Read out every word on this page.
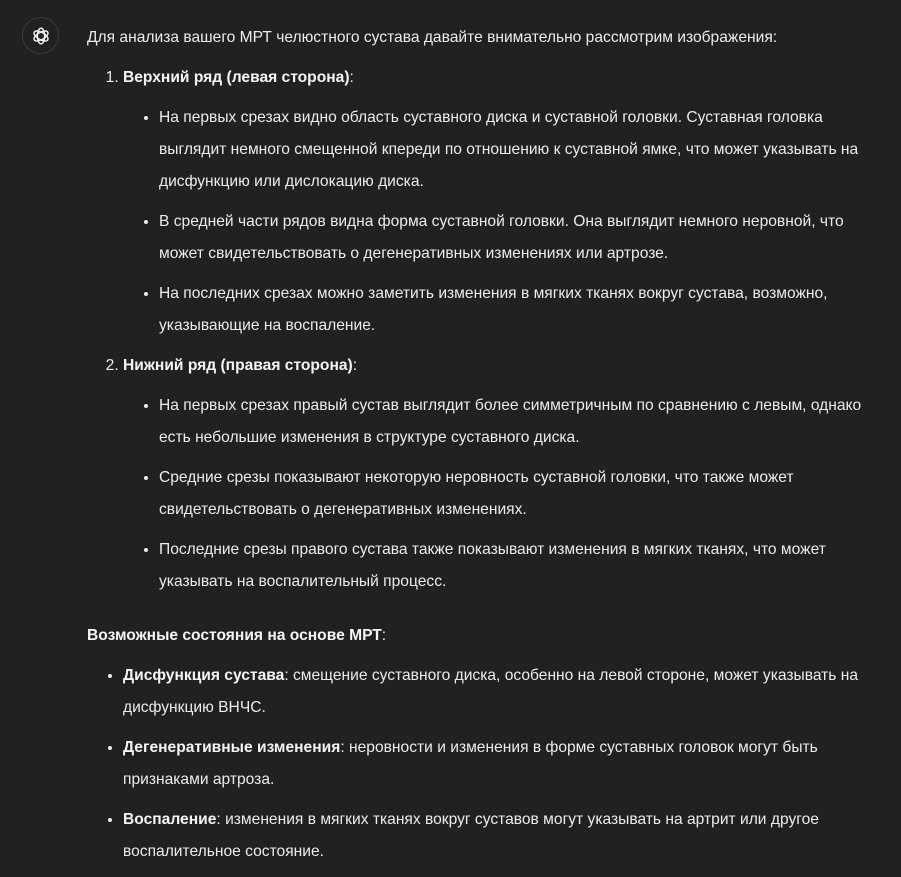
Для анализа вашего МРТ челюстного сустава давайте внимательно рассмотрим изображения:

1. Верхний ряд (левая сторона):
• На первых срезах видно область суставного диска и суставной головки. Суставная головка выглядит немного смещенной кпереди по отношению к суставной ямке, что может указывать на дисфункцию или дислокацию диска.
• В средней части рядов видна форма суставной головки. Она выглядит немного неровной, что может свидетельствовать о дегенеративных изменениях или артрозе.
• На последних срезах можно заметить изменения в мягких тканях вокруг сустава, возможно, указывающие на воспаление.
2. Нижний ряд (правая сторона):
• На первых срезах правый сустав выглядит более симметричным по сравнению с левым, однако есть небольшие изменения в структуре суставного диска.
• Средние срезы показывают некоторую неровность суставной головки, что также может свидетельствовать о дегенеративных изменениях.
• Последние срезы правого сустава также показывают изменения в мягких тканях, что может указывать на воспалительный процесс.

Возможные состояния на основе МРТ:

• Дисфункция сустава: смещение суставного диска, особенно на левой стороне, может указывать на дисфункцию ВНЧС.
• Дегенеративные изменения: неровности и изменения в форме суставных головок могут быть признаками артроза.
• Воспаление: изменения в мягких тканях вокруг суставов могут указывать на артрит или другое воспалительное состояние.
